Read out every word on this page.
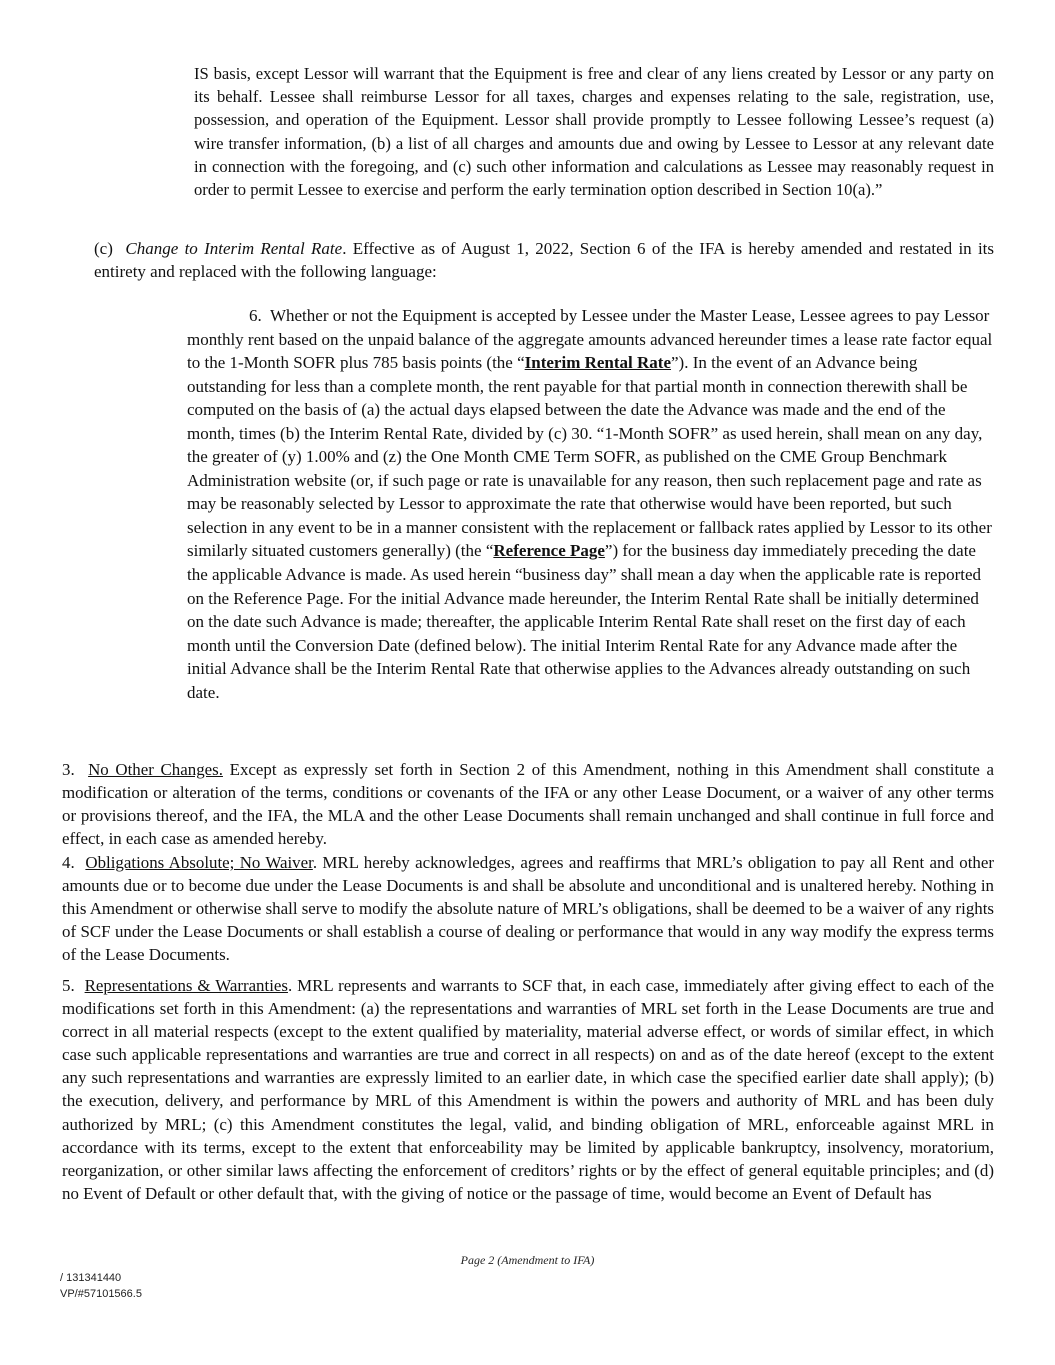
IS basis, except Lessor will warrant that the Equipment is free and clear of any liens created by Lessor or any party on its behalf. Lessee shall reimburse Lessor for all taxes, charges and expenses relating to the sale, registration, use, possession, and operation of the Equipment. Lessor shall provide promptly to Lessee following Lessee’s request (a) wire transfer information, (b) a list of all charges and amounts due and owing by Lessee to Lessor at any relevant date in connection with the foregoing, and (c) such other information and calculations as Lessee may reasonably request in order to permit Lessee to exercise and perform the early termination option described in Section 10(a).”

(c) Change to Interim Rental Rate. Effective as of August 1, 2022, Section 6 of the IFA is hereby amended and restated in its entirety and replaced with the following language:

6. Whether or not the Equipment is accepted by Lessee under the Master Lease, Lessee agrees to pay Lessor monthly rent based on the unpaid balance of the aggregate amounts advanced hereunder times a lease rate factor equal to the 1-Month SOFR plus 785 basis points (the “Interim Rental Rate”). In the event of an Advance being outstanding for less than a complete month, the rent payable for that partial month in connection therewith shall be computed on the basis of (a) the actual days elapsed between the date the Advance was made and the end of the month, times (b) the Interim Rental Rate, divided by (c) 30. “1-Month SOFR” as used herein, shall mean on any day, the greater of (y) 1.00% and (z) the One Month CME Term SOFR, as published on the CME Group Benchmark Administration website (or, if such page or rate is unavailable for any reason, then such replacement page and rate as may be reasonably selected by Lessor to approximate the rate that otherwise would have been reported, but such selection in any event to be in a manner consistent with the replacement or fallback rates applied by Lessor to its other similarly situated customers generally) (the “Reference Page”) for the business day immediately preceding the date the applicable Advance is made. As used herein “business day” shall mean a day when the applicable rate is reported on the Reference Page. For the initial Advance made hereunder, the Interim Rental Rate shall be initially determined on the date such Advance is made; thereafter, the applicable Interim Rental Rate shall reset on the first day of each month until the Conversion Date (defined below). The initial Interim Rental Rate for any Advance made after the initial Advance shall be the Interim Rental Rate that otherwise applies to the Advances already outstanding on such date.

3. No Other Changes. Except as expressly set forth in Section 2 of this Amendment, nothing in this Amendment shall constitute a modification or alteration of the terms, conditions or covenants of the IFA or any other Lease Document, or a waiver of any other terms or provisions thereof, and the IFA, the MLA and the other Lease Documents shall remain unchanged and shall continue in full force and effect, in each case as amended hereby.

4. Obligations Absolute; No Waiver. MRL hereby acknowledges, agrees and reaffirms that MRL’s obligation to pay all Rent and other amounts due or to become due under the Lease Documents is and shall be absolute and unconditional and is unaltered hereby. Nothing in this Amendment or otherwise shall serve to modify the absolute nature of MRL’s obligations, shall be deemed to be a waiver of any rights of SCF under the Lease Documents or shall establish a course of dealing or performance that would in any way modify the express terms of the Lease Documents.

5. Representations & Warranties. MRL represents and warrants to SCF that, in each case, immediately after giving effect to each of the modifications set forth in this Amendment: (a) the representations and warranties of MRL set forth in the Lease Documents are true and correct in all material respects (except to the extent qualified by materiality, material adverse effect, or words of similar effect, in which case such applicable representations and warranties are true and correct in all respects) on and as of the date hereof (except to the extent any such representations and warranties are expressly limited to an earlier date, in which case the specified earlier date shall apply); (b) the execution, delivery, and performance by MRL of this Amendment is within the powers and authority of MRL and has been duly authorized by MRL; (c) this Amendment constitutes the legal, valid, and binding obligation of MRL, enforceable against MRL in accordance with its terms, except to the extent that enforceability may be limited by applicable bankruptcy, insolvency, moratorium, reorganization, or other similar laws affecting the enforcement of creditors’ rights or by the effect of general equitable principles; and (d) no Event of Default or other default that, with the giving of notice or the passage of time, would become an Event of Default has

Page 2 (Amendment to IFA)
/ 131341440
VP/#57101566.5
